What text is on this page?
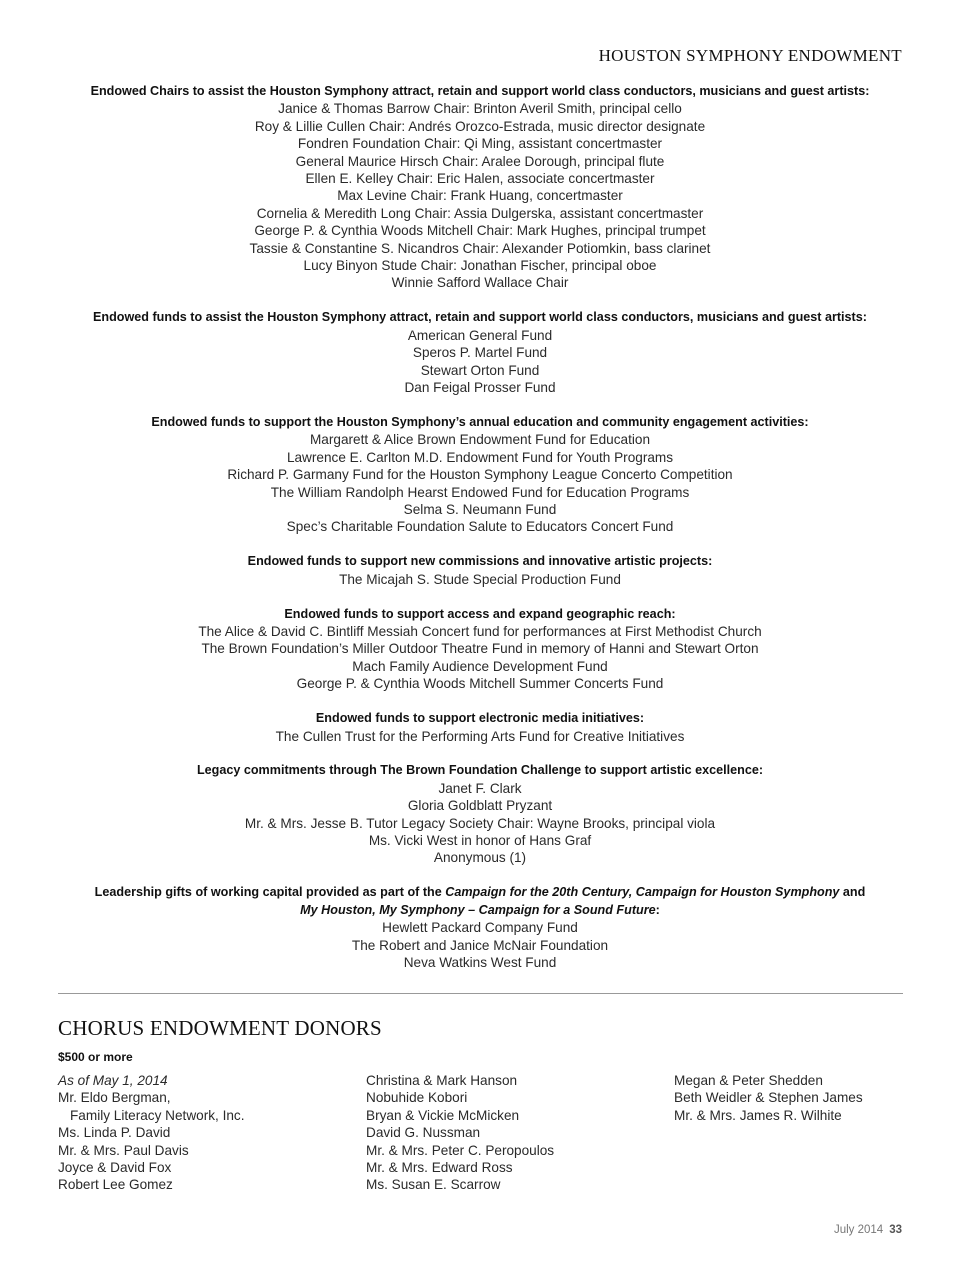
HOUSTON SYMPHONY ENDOWMENT
Endowed Chairs to assist the Houston Symphony attract, retain and support world class conductors, musicians and guest artists:
Janice & Thomas Barrow Chair: Brinton Averil Smith, principal cello
Roy & Lillie Cullen Chair: Andrés Orozco-Estrada, music director designate
Fondren Foundation Chair: Qi Ming, assistant concertmaster
General Maurice Hirsch Chair: Aralee Dorough, principal flute
Ellen E. Kelley Chair: Eric Halen, associate concertmaster
Max Levine Chair: Frank Huang, concertmaster
Cornelia & Meredith Long Chair: Assia Dulgerska, assistant concertmaster
George P. & Cynthia Woods Mitchell Chair: Mark Hughes, principal trumpet
Tassie & Constantine S. Nicandros Chair: Alexander Potiomkin, bass clarinet
Lucy Binyon Stude Chair: Jonathan Fischer, principal oboe
Winnie Safford Wallace Chair
Endowed funds to assist the Houston Symphony attract, retain and support world class conductors, musicians and guest artists:
American General Fund
Speros P. Martel Fund
Stewart Orton Fund
Dan Feigal Prosser Fund
Endowed funds to support the Houston Symphony’s annual education and community engagement activities:
Margarett & Alice Brown Endowment Fund for Education
Lawrence E. Carlton M.D. Endowment Fund for Youth Programs
Richard P. Garmany Fund for the Houston Symphony League Concerto Competition
The William Randolph Hearst Endowed Fund for Education Programs
Selma S. Neumann Fund
Spec’s Charitable Foundation Salute to Educators Concert Fund
Endowed funds to support new commissions and innovative artistic projects:
The Micajah S. Stude Special Production Fund
Endowed funds to support access and expand geographic reach:
The Alice & David C. Bintliff Messiah Concert fund for performances at First Methodist Church
The Brown Foundation’s Miller Outdoor Theatre Fund in memory of Hanni and Stewart Orton
Mach Family Audience Development Fund
George P. & Cynthia Woods Mitchell Summer Concerts Fund
Endowed funds to support electronic media initiatives:
The Cullen Trust for the Performing Arts Fund for Creative Initiatives
Legacy commitments through The Brown Foundation Challenge to support artistic excellence:
Janet F. Clark
Gloria Goldblatt Pryzant
Mr. & Mrs. Jesse B. Tutor Legacy Society Chair: Wayne Brooks, principal viola
Ms. Vicki West in honor of Hans Graf
Anonymous (1)
Leadership gifts of working capital provided as part of the Campaign for the 20th Century, Campaign for Houston Symphony and
My Houston, My Symphony – Campaign for a Sound Future:
Hewlett Packard Company Fund
The Robert and Janice McNair Foundation
Neva Watkins West Fund
CHORUS ENDOWMENT DONORS
$500 or more
As of May 1, 2014
Mr. Eldo Bergman,
Family Literacy Network, Inc.
Ms. Linda P. David
Mr. & Mrs. Paul Davis
Joyce & David Fox
Robert Lee Gomez
Christina & Mark Hanson
Nobuhide Kobori
Bryan & Vickie McMicken
David G. Nussman
Mr. & Mrs. Peter C. Peropoulos
Mr. & Mrs. Edward Ross
Ms. Susan E. Scarrow
Megan & Peter Shedden
Beth Weidler & Stephen James
Mr. & Mrs. James R. Wilhite
July 2014 33
